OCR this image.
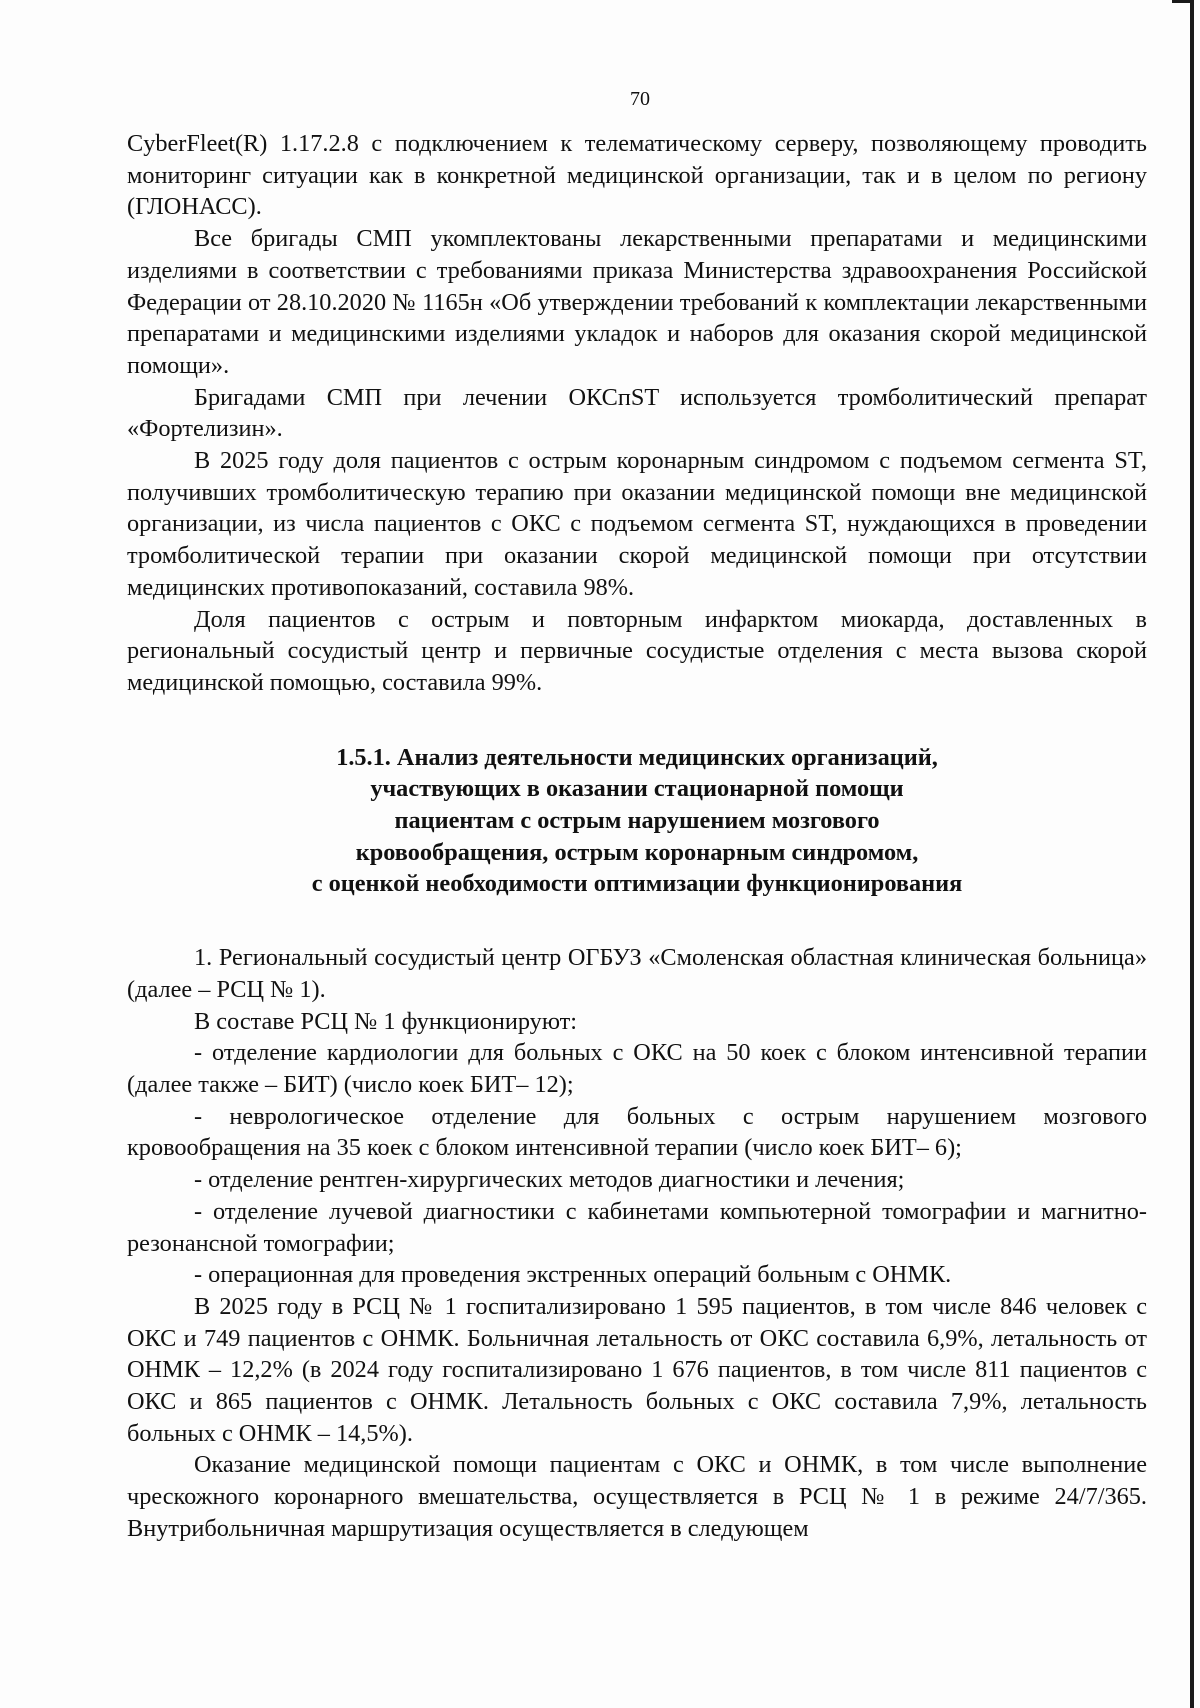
70

CyberFleet(R) 1.17.2.8 с подключением к телематическому серверу, позволяющему проводить мониторинг ситуации как в конкретной медицинской организации, так и в целом по региону (ГЛОНАСС).

Все бригады СМП укомплектованы лекарственными препаратами и медицинскими изделиями в соответствии с требованиями приказа Министерства здравоохранения Российской Федерации от 28.10.2020 № 1165н «Об утверждении требований к комплектации лекарственными препаратами и медицинскими изделиями укладок и наборов для оказания скорой медицинской помощи».

Бригадами СМП при лечении ОКСпST используется тромболитический препарат «Фортелизин».

В 2025 году доля пациентов с острым коронарным синдромом с подъемом сегмента ST, получивших тромболитическую терапию при оказании медицинской помощи вне медицинской организации, из числа пациентов с ОКС с подъемом сегмента ST, нуждающихся в проведении тромболитической терапии при оказании скорой медицинской помощи при отсутствии медицинских противопоказаний, составила 98%.

Доля пациентов с острым и повторным инфарктом миокарда, доставленных в региональный сосудистый центр и первичные сосудистые отделения с места вызова скорой медицинской помощью, составила 99%.

1.5.1. Анализ деятельности медицинских организаций,
участвующих в оказании стационарной помощи
пациентам с острым нарушением мозгового
кровообращения, острым коронарным синдромом,
с оценкой необходимости оптимизации функционирования

1. Региональный сосудистый центр ОГБУЗ «Смоленская областная клиническая больница» (далее – РСЦ № 1).

В составе РСЦ № 1 функционируют:

- отделение кардиологии для больных с ОКС на 50 коек с блоком интенсивной терапии (далее также – БИТ) (число коек БИТ– 12);

- неврологическое отделение для больных с острым нарушением мозгового кровообращения на 35 коек с блоком интенсивной терапии (число коек БИТ– 6);

- отделение рентген-хирургических методов диагностики и лечения;

- отделение лучевой диагностики с кабинетами компьютерной томографии и магнитно-резонансной томографии;

- операционная для проведения экстренных операций больным с ОНМК.

В 2025 году в РСЦ № 1 госпитализировано 1 595 пациентов, в том числе 846 человек с ОКС и 749 пациентов с ОНМК. Больничная летальность от ОКС составила 6,9%, летальность от ОНМК – 12,2% (в 2024 году госпитализировано 1 676 пациентов, в том числе 811 пациентов с ОКС и 865 пациентов с ОНМК. Летальность больных с ОКС составила 7,9%, летальность больных с ОНМК – 14,5%).

Оказание медицинской помощи пациентам с ОКС и ОНМК, в том числе выполнение чрескожного коронарного вмешательства, осуществляется в РСЦ № 1 в режиме 24/7/365. Внутрибольничная маршрутизация осуществляется в следующем
